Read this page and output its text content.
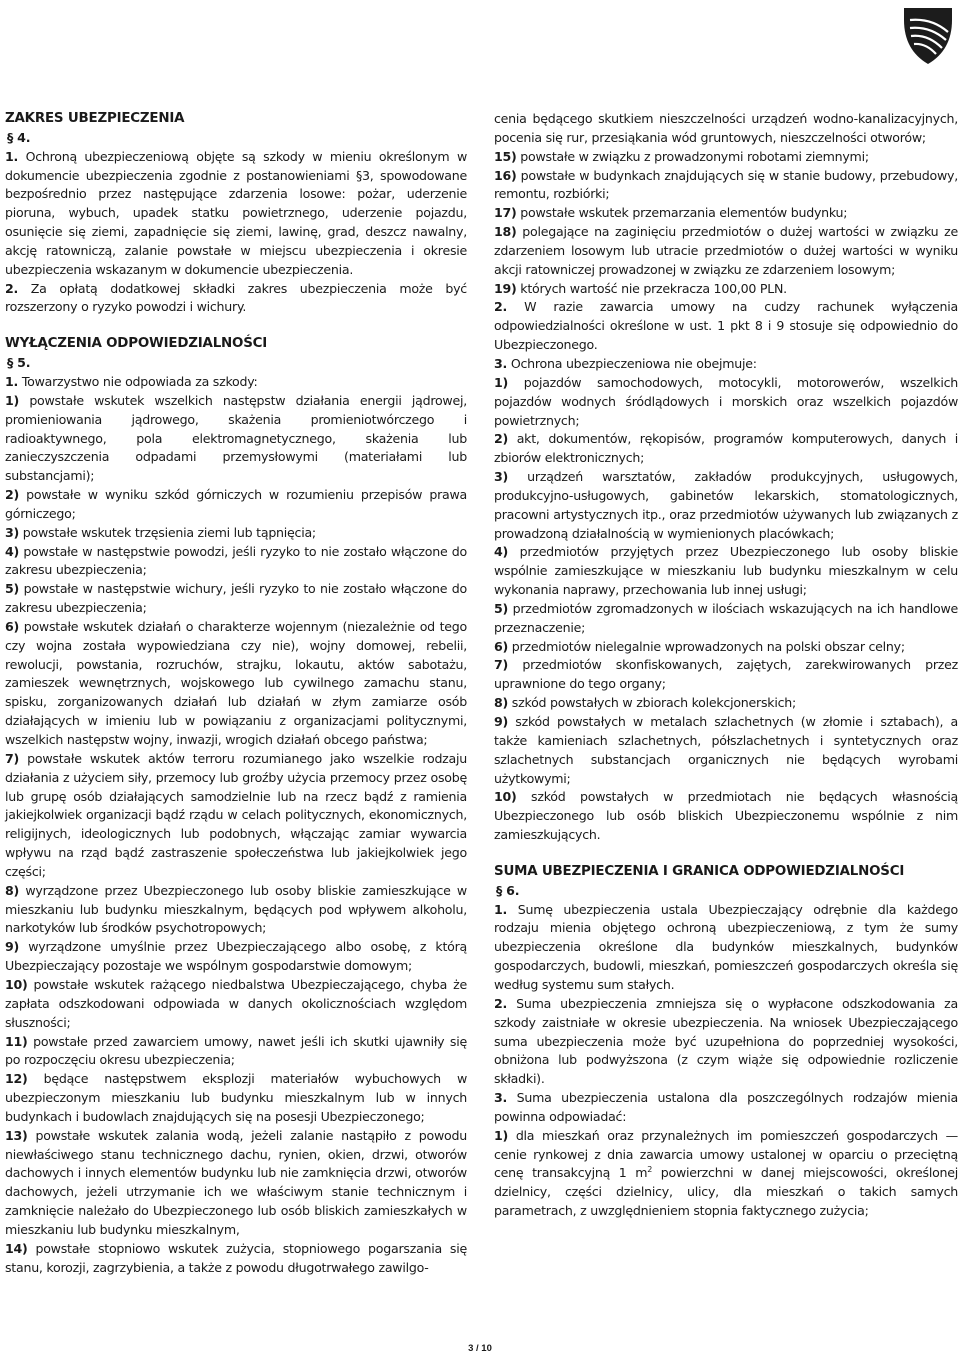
ZAKRES UBEZPIECZENIA
§ 4.

1. Ochroną ubezpieczeniową objęte są szkody w mieniu określonym w dokumencie ubezpieczenia zgodnie z postanowieniami §3, spowodowane bezpośrednio przez następujące zdarzenia losowe: pożar, uderzenie pioruna, wybuch, upadek statku powietrznego, uderzenie pojazdu, osunięcie się ziemi, zapadnięcie się ziemi, lawinę, grad, deszcz nawalny, akcję ratowniczą, zalanie powstałe w miejscu ubezpieczenia i okresie ubezpieczenia wskazanym w dokumencie ubezpieczenia.

2. Za opłatą dodatkowej składki zakres ubezpieczenia może być rozszerzony o ryzyko powodzi i wichury.

WYŁĄCZENIA ODPOWIEDZIALNOŚCI
§ 5.

1. Towarzystwo nie odpowiada za szkody:

1) powstałe wskutek wszelkich następstw działania energii jądrowej, promieniowania jądrowego, skażenia promieniotwórczego i radioaktywnego, pola elektromagnetycznego, skażenia lub zanieczyszczenia odpadami przemysłowymi (materiałami lub substancjami);

2) powstałe w wyniku szkód górniczych w rozumieniu przepisów prawa górniczego;

3) powstałe wskutek trzęsienia ziemi lub tąpnięcia;

4) powstałe w następstwie powodzi, jeśli ryzyko to nie zostało włączone do zakresu ubezpieczenia;

5) powstałe w następstwie wichury, jeśli ryzyko to nie zostało włączone do zakresu ubezpieczenia;

6) powstałe wskutek działań o charakterze wojennym (niezależnie od tego czy wojna została wypowiedziana czy nie), wojny domowej, rebelii, rewolucji, powstania, rozruchów, strajku, lokautu, aktów sabotażu, zamieszek wewnętrznych, wojskowego lub cywilnego zamachu stanu, spisku, zorganizowanych działań lub działań w złym zamiarze osób działających w imieniu lub w powiązaniu z organizacjami politycznymi, wszelkich następstw wojny, inwazji, wrogich działań obcego państwa;

7) powstałe wskutek aktów terroru rozumianego jako wszelkie rodzaju działania z użyciem siły, przemocy lub groźby użycia przemocy przez osobę lub grupę osób działających samodzielnie lub na rzecz bądź z ramienia jakiejkolwiek organizacji bądź rządu w celach politycznych, ekonomicznych, religijnych, ideologicznych lub podobnych, włączając zamiar wywarcia wpływu na rząd bądź zastraszenie społeczeństwa lub jakiejkolwiek jego części;

8) wyrządzone przez Ubezpieczonego lub osoby bliskie zamieszkujące w mieszkaniu lub budynku mieszkalnym, będących pod wpływem alkoholu, narkotyków lub środków psychotropowych;

9) wyrządzone umyślnie przez Ubezpieczającego albo osobę, z którą Ubezpieczający pozostaje we wspólnym gospodarstwie domowym;

10) powstałe wskutek rażącego niedbalstwa Ubezpieczającego, chyba że zapłata odszkodowani odpowiada w danych okolicznościach względom słuszności;

11) powstałe przed zawarciem umowy, nawet jeśli ich skutki ujawniły się po rozpoczęciu okresu ubezpieczenia;

12) będące następstwem eksplozji materiałów wybuchowych w ubezpieczonym mieszkaniu lub budynku mieszkalnym lub w innych budynkach i budowlach znajdujących się na posesji Ubezpieczonego;

13) powstałe wskutek zalania wodą, jeżeli zalanie nastąpiło z powodu niewłaściwego stanu technicznego dachu, rynien, okien, drzwi, otworów dachowych i innych elementów budynku lub nie zamknięcia drzwi, otworów dachowych, jeżeli utrzymanie ich we właściwym stanie technicznym i zamknięcie należało do Ubezpieczonego lub osób bliskich zamieszkałych w mieszkaniu lub budynku mieszkalnym,

14) powstałe stopniowo wskutek zużycia, stopniowego pogarszania się stanu, korozji, zagrzybienia, a także z powodu długotrwałego zawilgo-

cenia będącego skutkiem nieszczelności urządzeń wodno-kanalizacyjnych, pocenia się rur, przesiąkania wód gruntowych, nieszczelności otworów;

15) powstałe w związku z prowadzonymi robotami ziemnymi;

16) powstałe w budynkach znajdujących się w stanie budowy, przebudowy, remontu, rozbiórki;

17) powstałe wskutek przemarzania elementów budynku;

18) polegające na zaginięciu przedmiotów o dużej wartości w związku ze zdarzeniem losowym lub utracie przedmiotów o dużej wartości w wyniku akcji ratowniczej prowadzonej w związku ze zdarzeniem losowym;

19) których wartość nie przekracza 100,00 PLN.

2. W razie zawarcia umowy na cudzy rachunek wyłączenia odpowiedzialności określone w ust. 1 pkt 8 i 9 stosuje się odpowiednio do Ubezpieczonego.

3. Ochrona ubezpieczeniowa nie obejmuje:

1) pojazdów samochodowych, motocykli, motorowerów, wszelkich pojazdów wodnych śródlądowych i morskich oraz wszelkich pojazdów powietrznych;

2) akt, dokumentów, rękopisów, programów komputerowych, danych i zbiorów elektronicznych;

3) urządzeń warsztatów, zakładów produkcyjnych, usługowych, produkcyjno-usługowych, gabinetów lekarskich, stomatologicznych, pracowni artystycznych itp., oraz przedmiotów używanych lub związanych z prowadzoną działalnością w wymienionych placówkach;

4) przedmiotów przyjętych przez Ubezpieczonego lub osoby bliskie wspólnie zamieszkujące w mieszkaniu lub budynku mieszkalnym w celu wykonania naprawy, przechowania lub innej usługi;

5) przedmiotów zgromadzonych w ilościach wskazujących na ich handlowe przeznaczenie;

6) przedmiotów nielegalnie wprowadzonych na polski obszar celny;

7) przedmiotów skonfiskowanych, zajętych, zarekwirowanych przez uprawnione do tego organy;

8) szkód powstałych w zbiorach kolekcjonerskich;

9) szkód powstałych w metalach szlachetnych (w złomie i sztabach), a także kamieniach szlachetnych, półszlachetnych i syntetycznych oraz szlachetnych substancjach organicznych nie będących wyrobami użytkowymi;

10) szkód powstałych w przedmiotach nie będących własnością Ubezpieczonego lub osób bliskich Ubezpieczonemu wspólnie z nim zamieszkujących.

SUMA UBEZPIECZENIA I GRANICA ODPOWIEDZIALNOŚCI
§ 6.

1. Sumę ubezpieczenia ustala Ubezpieczający odrębnie dla każdego rodzaju mienia objętego ochroną ubezpieczeniową, z tym że sumy ubezpieczenia określone dla budynków mieszkalnych, budynków gospodarczych, budowli, mieszkań, pomieszczeń gospodarczych określa się według systemu sum stałych.

2. Suma ubezpieczenia zmniejsza się o wypłacone odszkodowania za szkody zaistniałe w okresie ubezpieczenia. Na wniosek Ubezpieczającego suma ubezpieczenia może być uzupełniona do poprzedniej wysokości, obniżona lub podwyższona (z czym wiąże się odpowiednie rozliczenie składki).

3. Suma ubezpieczenia ustalona dla poszczególnych rodzajów mienia powinna odpowiadać:

1) dla mieszkań oraz przynależnych im pomieszczeń gospodarczych — cenie rynkowej z dnia zawarcia umowy ustalonej w oparciu o przeciętną cenę transakcyjną 1 $m^2$ powierzchni w danej miejscowości, określonej dzielnicy, części dzielnicy, ulicy, dla mieszkań o takich samych parametrach, z uwzględnieniem stopnia faktycznego zużycia;

3 / 10
